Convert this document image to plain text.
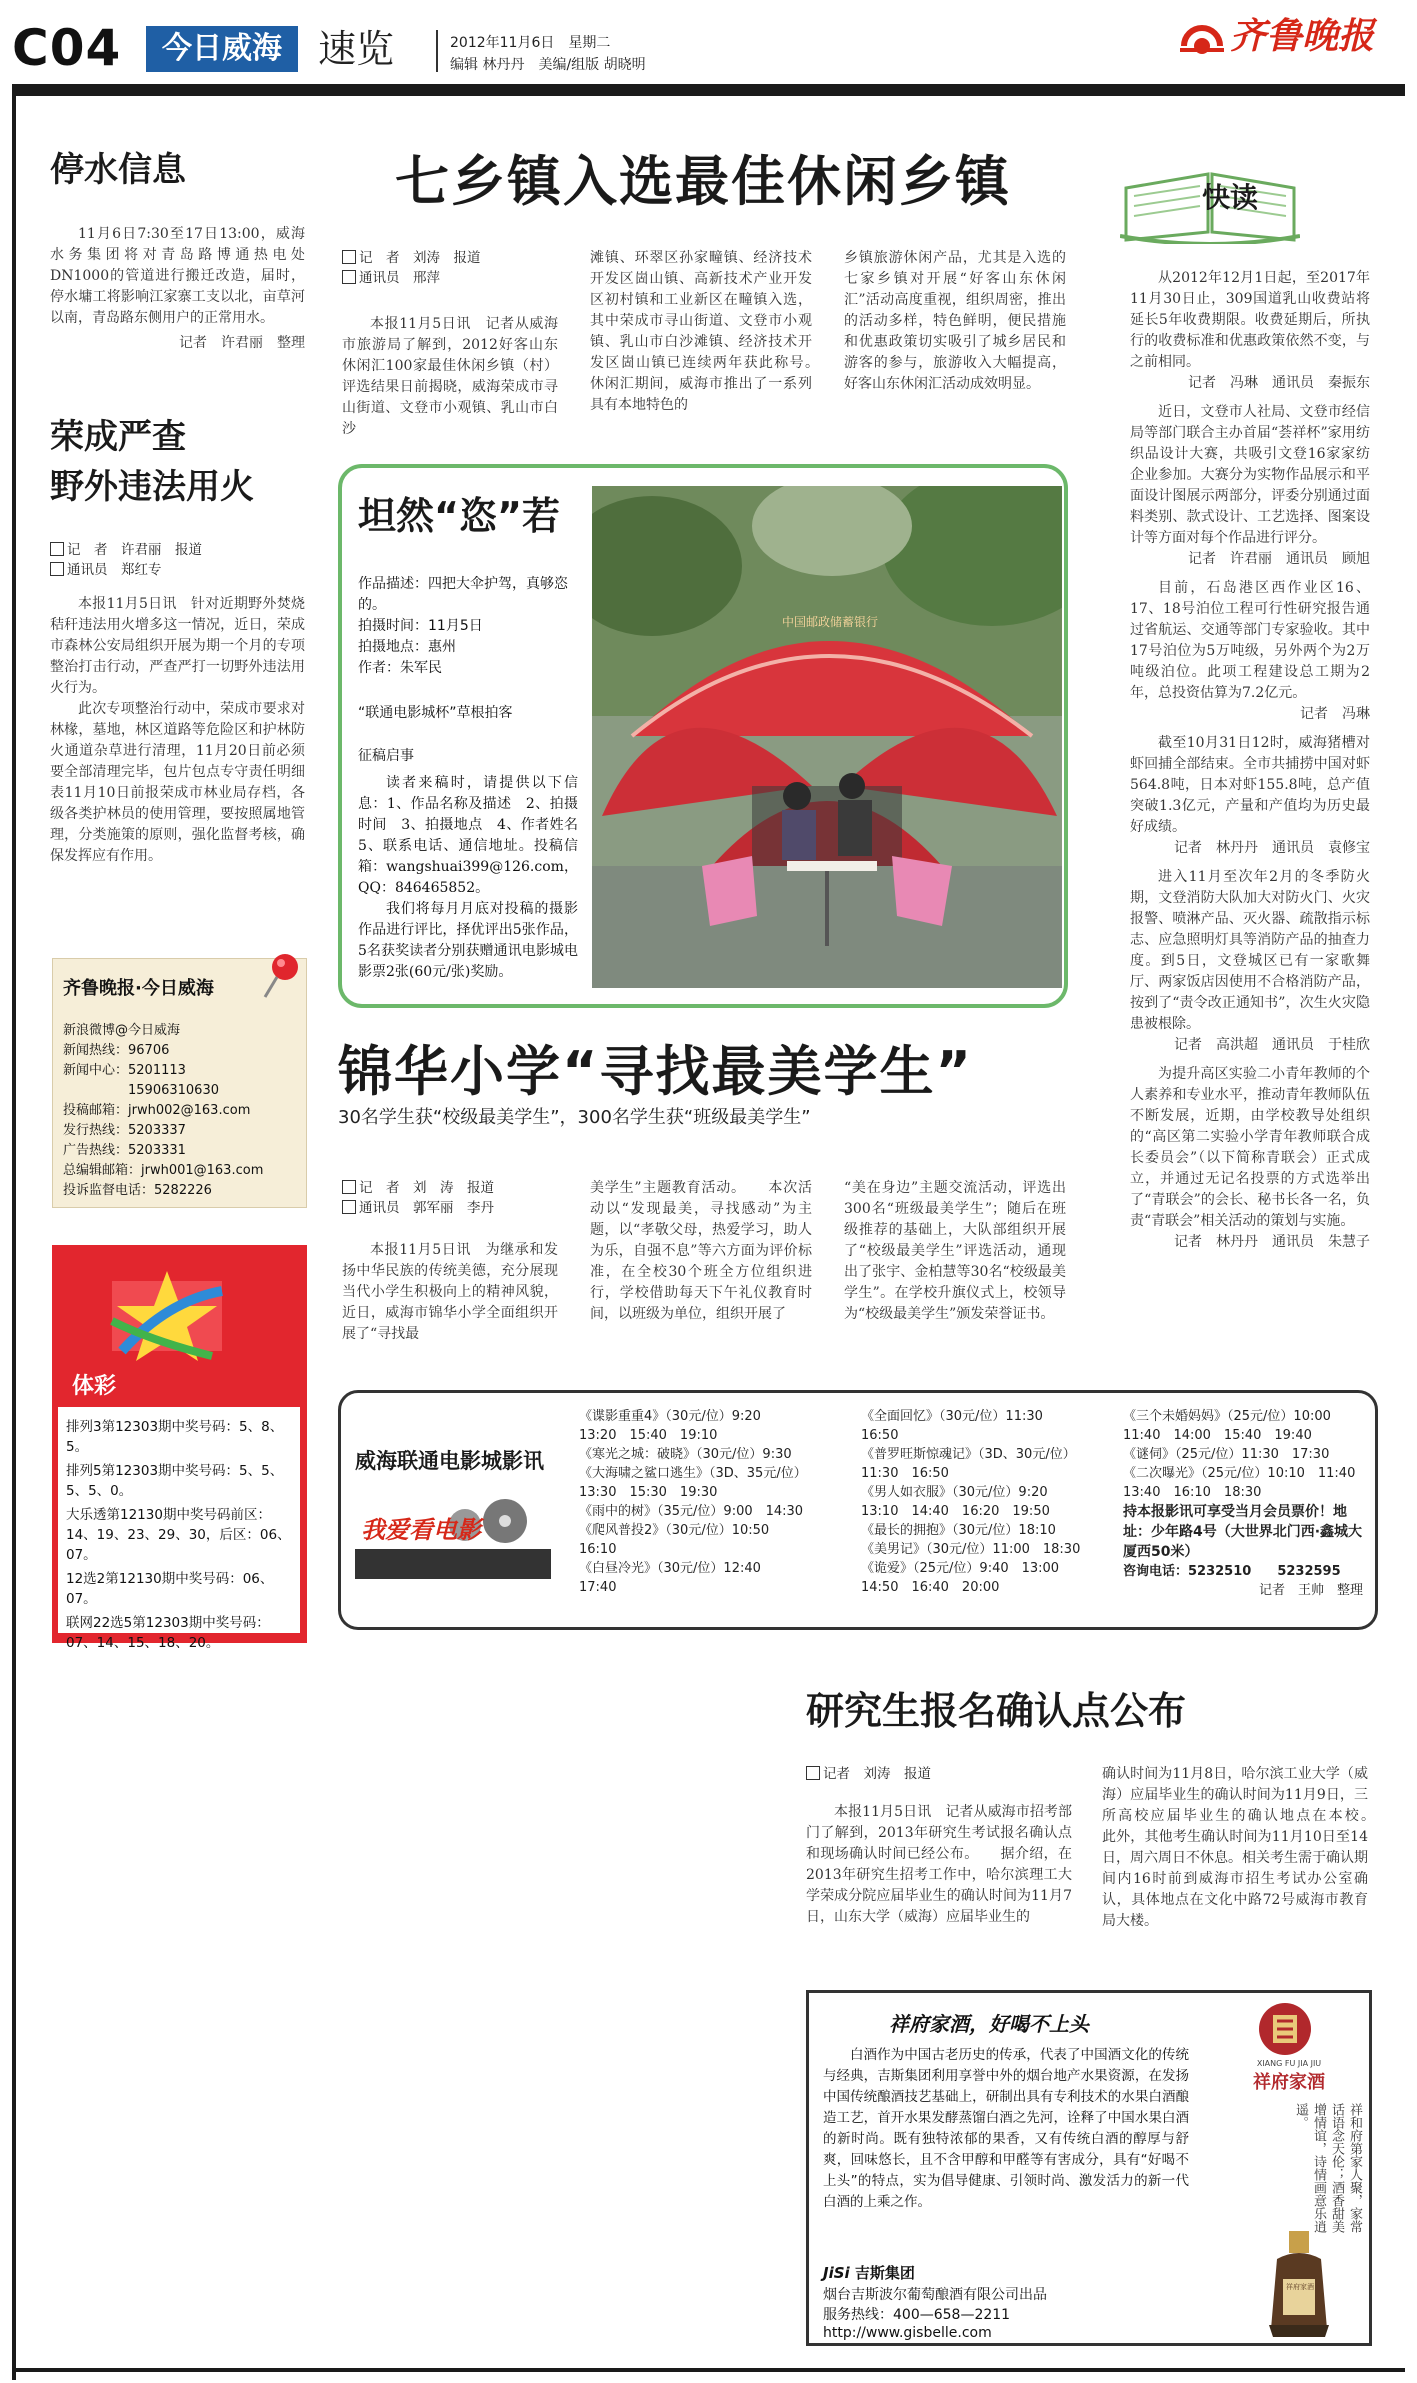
C04	今日威海 速览	2012年11月6日　 星期二
编辑 林丹丹　美编/组版 胡晓明
齐鲁晚报
停水信息
11月6日7:30至17日13:00，威海水务集团将对青岛路博通热电处DN1000的管道进行搬迁改造，届时，停水墉工将影响江家寨工支以北，亩草河以南，青岛路东侧用户的正常用水。
记者　许君丽　整理
荣成严查
野外违法用火
记　者　许君丽　报道
通讯员　郑红专
本报11月5日讯　针对近期野外焚烧秸秆违法用火增多这一情况，近日，荣成市森林公安局组织开展为期一个月的专项整治打击行动，严查严打一切野外违法用火行为。
此次专项整治行动中，荣成市要求对林椽，墓地，林区道路等危险区和护林防火通道杂草进行清理，11月20日前必须要全部清理完毕，包片包点专守责任明细表11月10日前报荣成市林业局存档，各级各类护林员的使用管理，要按照属地管理，分类施策的原则，强化监督考核，确保发挥应有作用。
齐鲁晚报·今日威海
新浪微博@今日威海
新闻热线：96706
新闻中心：5201113
　　　　　15906310630
投稿邮箱：jrwh002@163.com
发行热线：5203337
广告热线：5203331
总编辑邮箱：jrwh001@163.com
投诉监督电话：5282226
体彩
排列3第12303期中奖号码：5、8、5。
排列5第12303期中奖号码：5、5、5、5、0。
大乐透第12130期中奖号码前区：14、19、23、29、30，后区：06、07。
12选2第12130期中奖号码：06、07。
联网22选5第12303期中奖号码：07、14、15、18、20。
七乡镇入选最佳休闲乡镇
记　者　刘涛　报道
通讯员　邢萍
本报11月5日讯　记者从威海市旅游局了解到，2012好客山东休闲汇100家最佳休闲乡镇（村）评选结果日前揭晓，威海荣成市寻山街道、文登市小观镇、乳山市白沙
滩镇、环翠区孙家疃镇、经济技术开发区崮山镇、高新技术产业开发区初村镇和工业新区在疃镇入选，其中荣成市寻山街道、文登市小观镇、乳山市白沙滩镇、经济技术开发区崮山镇已连续两年获此称号。　　休闲汇期间，威海市推出了一系列具有本地特色的
乡镇旅游休闲产品，尤其是入选的七家乡镇对开展“好客山东休闲汇”活动高度重视，组织周密，推出的活动多样，特色鲜明，便民措施和优惠政策切实吸引了城乡居民和游客的参与，旅游收入大幅提高，好客山东休闲汇活动成效明显。
坦然“恣”若
作品描述：四把大伞护驾，真够恣的。
拍摄时间：11月5日
拍摄地点：惠州
作者：朱军民
“联通电影城杯”草根拍客
征稿启事
读者来稿时，请提供以下信息：1、作品名称及描述　2、拍摄时间　3、拍摄地点　4、作者姓名　5、联系电话、通信地址。投稿信箱：wangshuai399@126.com，QQ：846465852。
我们将每月月底对投稿的摄影作品进行评比，择优评出5张作品，5名获奖读者分别获赠通讯电影城电影票2张(60元/张)奖励。
中国邮政储蓄银行
锦华小学“寻找最美学生”
30名学生获“校级最美学生”，300名学生获“班级最美学生”
记　者　刘　涛　报道
通讯员　郭军丽　李丹
本报11月5日讯　为继承和发扬中华民族的传统美德，充分展现当代小学生积极向上的精神风貌，近日，威海市锦华小学全面组织开展了“寻找最
美学生”主题教育活动。　　本次活动以“发现最美，寻找感动”为主题，以“孝敬父母，热爱学习，助人为乐，自强不息”等六方面为评价标准，在全校30个班全方位组织进行，学校借助每天下午礼仪教育时间，以班级为单位，组织开展了
“美在身边”主题交流活动，评选出300名“班级最美学生”；随后在班级推荐的基础上，大队部组织开展了“校级最美学生”评选活动，通现出了张宇、金柏慧等30名“校级最美学生”。在学校升旗仪式上，校领导为“校级最美学生”颁发荣誉证书。
快读
从2012年12月1日起，至2017年11月30日止，309国道乳山收费站将延长5年收费期限。收费延期后，所执行的收费标准和优惠政策依然不变，与之前相同。
记者　冯琳　通讯员　秦振东
近日，文登市人社局、文登市经信局等部门联合主办首届“荟祥杯”家用纺织品设计大赛，共吸引文登16家家纺企业参加。大赛分为实物作品展示和平面设计图展示两部分，评委分别通过面料类别、款式设计、工艺选择、图案设计等方面对每个作品进行评分。
记者　许君丽　通讯员　顾旭
目前，石岛港区西作业区16、17、18号泊位工程可行性研究报告通过省航运、交通等部门专家验收。其中17号泊位为5万吨级，另外两个为2万吨级泊位。此项工程建设总工期为2年，总投资估算为7.2亿元。
记者　冯琳
截至10月31日12时，威海猪槽对虾回捕全部结束。全市共捕捞中国对虾564.8吨，日本对虾155.8吨，总产值突破1.3亿元，产量和产值均为历史最好成绩。
记者　林丹丹　通讯员　袁修宝
进入11月至次年2月的冬季防火期，文登消防大队加大对防火门、火灾报警、喷淋产品、灭火器、疏散指示标志、应急照明灯具等消防产品的抽查力度。到5日，文登城区已有一家歌舞厅、两家饭店因使用不合格消防产品，按到了“责令改正通知书”，次生火灾隐患被根除。
记者　高洪超　通讯员　于桂欣
为提升高区实验二小青年教师的个人素养和专业水平，推动青年教师队伍不断发展，近期，由学校教导处组织的“高区第二实验小学青年教师联合成长委员会”（以下简称青联会）正式成立，并通过无记名投票的方式选举出了“青联会”的会长、秘书长各一名，负责“青联会”相关活动的策划与实施。
记者　林丹丹　通讯员　朱慧子
威海联通电影城影讯
我爱看电影
《谍影重重4》（30元/位）9:20　13:20　15:40　19:10
《寒光之城：破晓》（30元/位）9:30
《大海啸之鲨口逃生》（3D、35元/位）13:30　15:30　19:30
《雨中的树》（35元/位）9:00　14:30
《爬风普投2》（30元/位）10:50　16:10
《白昼冷光》（30元/位）12:40　17:40
《全面回忆》（30元/位）11:30　16:50
《普罗旺斯惊魂记》（3D、30元/位）11:30　16:50
《男人如衣服》（30元/位）9:20　13:10　14:40　16:20　19:50
《最长的拥抱》（30元/位）18:10
《美男记》（30元/位）11:00　18:30
《诡爱》（25元/位）9:40　13:00　14:50　16:40　20:00
《三个未婚妈妈》（25元/位）10:00　11:40　14:00　15:40　19:40
《谜伺》（25元/位）11:30　17:30
《二次曝光》（25元/位）10:10　11:40　13:40　16:10　18:30
持本报影讯可享受当月会员票价！地址：少年路4号（大世界北门西·鑫城大厦西50米）
咨询电话：5232510　　5232595
记者　王帅　整理
研究生报名确认点公布
记者　刘涛　报道
本报11月5日讯　记者从威海市招考部门了解到，2013年研究生考试报名确认点和现场确认时间已经公布。　　据介绍，在2013年研究生招考工作中，哈尔滨理工大学荣成分院应届毕业生的确认时间为11月7日，山东大学（威海）应届毕业生的
确认时间为11月8日，哈尔滨工业大学（威海）应届毕业生的确认时间为11月9日，三所高校应届毕业生的确认地点在本校。　　此外，其他考生确认时间为11月10日至14日，周六周日不休息。相关考生需于确认期间内16时前到威海市招生考试办公室确认，具体地点在文化中路72号威海市教育局大楼。
祥府家酒，好喝不上头
白酒作为中国古老历史的传承，代表了中国酒文化的传统与经典，吉斯集团利用享誉中外的烟台地产水果资源，在发扬中国传统酿酒技艺基础上，研制出具有专利技术的水果白酒酿造工艺，首开水果发酵蒸馏白酒之先河，诠释了中国水果白酒的新时尚。既有独特浓郁的果香，又有传统白酒的醇厚与舒爽，回味悠长，且不含甲醇和甲醛等有害成分，具有“好喝不上头”的特点，实为倡导健康、引领时尚、激发活力的新一代白酒的上乘之作。
JiSi 吉斯集团
烟台吉斯波尔葡萄酿酒有限公司出品
服务热线：400—658—2211
http://www.gisbelle.com
XIANG FU JIA JIU
祥府家酒
祥和府第家人聚，家常话语念天伦；酒香甜美增情谊，诗情画意乐逍遥。
祥府家酒
